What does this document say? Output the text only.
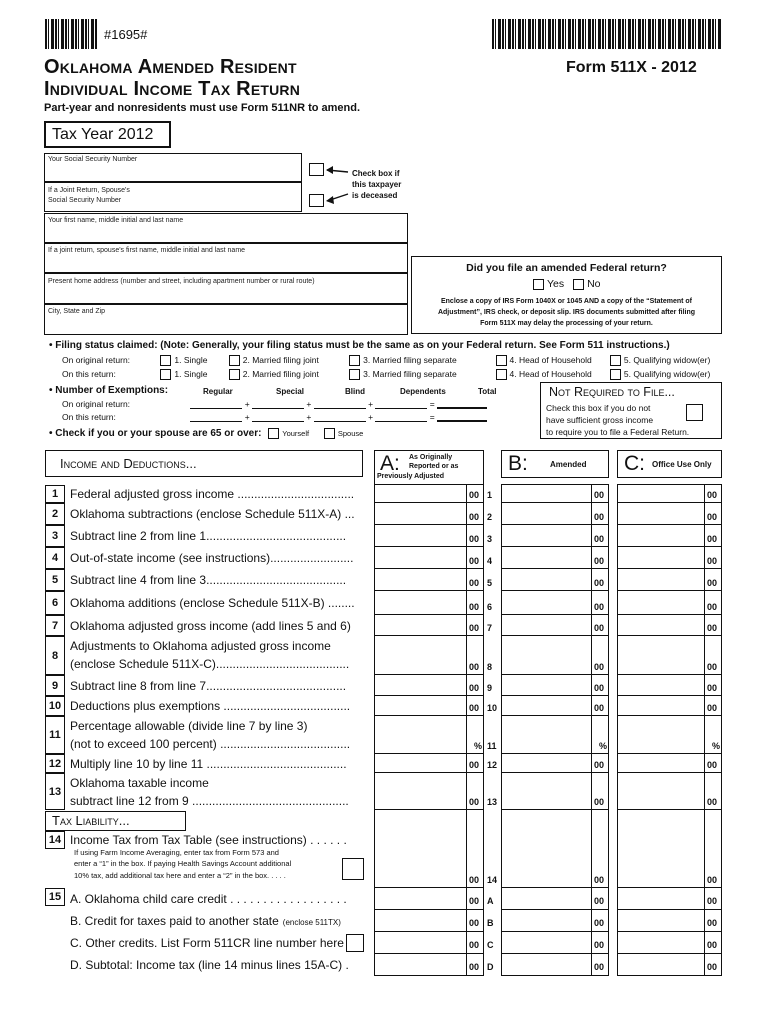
#1695#
Oklahoma Amended Resident
Individual Income Tax Return
Form 511X - 2012
Part-year and nonresidents must use Form 511NR to amend.
Tax Year 2012
Your Social Security Number
If a Joint Return, Spouse's
Social Security Number
Check box if
this taxpayer
is deceased
Your first name, middle initial and last name
If a joint return, spouse's first name, middle initial and last name
Present home address (number and street, including apartment number or rural route)
City, State and Zip
Did you file an amended Federal return?
Yes No
Enclose a copy of IRS Form 1040X or 1045 AND a copy of the “Statement of
Adjustment”, IRS check, or deposit slip. IRS documents submitted after filing
Form 511X may delay the processing of your return.
• Filing status claimed: (Note: Generally, your filing status must be the same as on your Federal return. See Form 511 instructions.)
On original return:	1. Single	2. Married filing joint	3. Married filing separate	4. Head of Household	5. Qualifying widow(er)
On this return:	1. Single	2. Married filing joint	3. Married filing separate	4. Head of Household	5. Qualifying widow(er)
• Number of Exemptions:	Regular	Special	Blind	Dependents	Total
On original return:	+	+	+	=
On this return:	+	+	+	=
Not Required to File...
Check this box if you do not
have sufficient gross income
to require you to file a Federal Return.
• Check if you or your spouse are 65 or over:	Yourself	Spouse
Income and Deductions...	A: As Originally
Reported or as
Previously Adjusted
B:	Amended C: Office Use Only
1 Federal adjusted gross income ...................................	00	00	00
1
2 Oklahoma subtractions (enclose Schedule 511X-A) ...	00	00	00
2
3 Subtract line 2 from line 1..........................................	00	00	00
3
4 Out-of-state income (see instructions).........................	00	00	00
4
5 Subtract line 4 from line 3..........................................	00	00	00
5
6 Oklahoma additions (enclose Schedule 511X-B) ........	00	00	00
6
7 Oklahoma adjusted gross income (add lines 5 and 6)	00	00	00
7
8
Adjustments to Oklahoma adjusted gross income
(enclose Schedule 511X-C)........................................	00	00	00
8
9 Subtract line 8 from line 7..........................................	00	00	00
9
10 Deductions plus exemptions ......................................	00	00	00
10
11
Percentage allowable (divide line 7 by line 3)
(not to exceed 100 percent) .......................................	%	%	%
11
12 Multiply line 10 by line 11 ..........................................	00	00	00
12
13
Oklahoma taxable income
subtract line 12 from 9 ...............................................	00	00	00
13
14 Income Tax from Tax Table (see instructions) . . . . . .
If using Farm Income Averaging, enter tax from Form 573 and
enter a “1” in the box. If paying Health Savings Account additional
10% tax, add additional tax here and enter a “2” in the box. . . . .	00	00	00
14
15 A. Oklahoma child care credit . . . . . . . . . . . . . . . . . .	00	00	00
A
B. Credit for taxes paid to another state (enclose 511TX)	00	00	00
B
C. Other credits. List Form 511CR line number here	00	00	00
C
D. Subtotal: Income tax (line 14 minus lines 15A-C) .	00	00	00
D
Tax Liability...
